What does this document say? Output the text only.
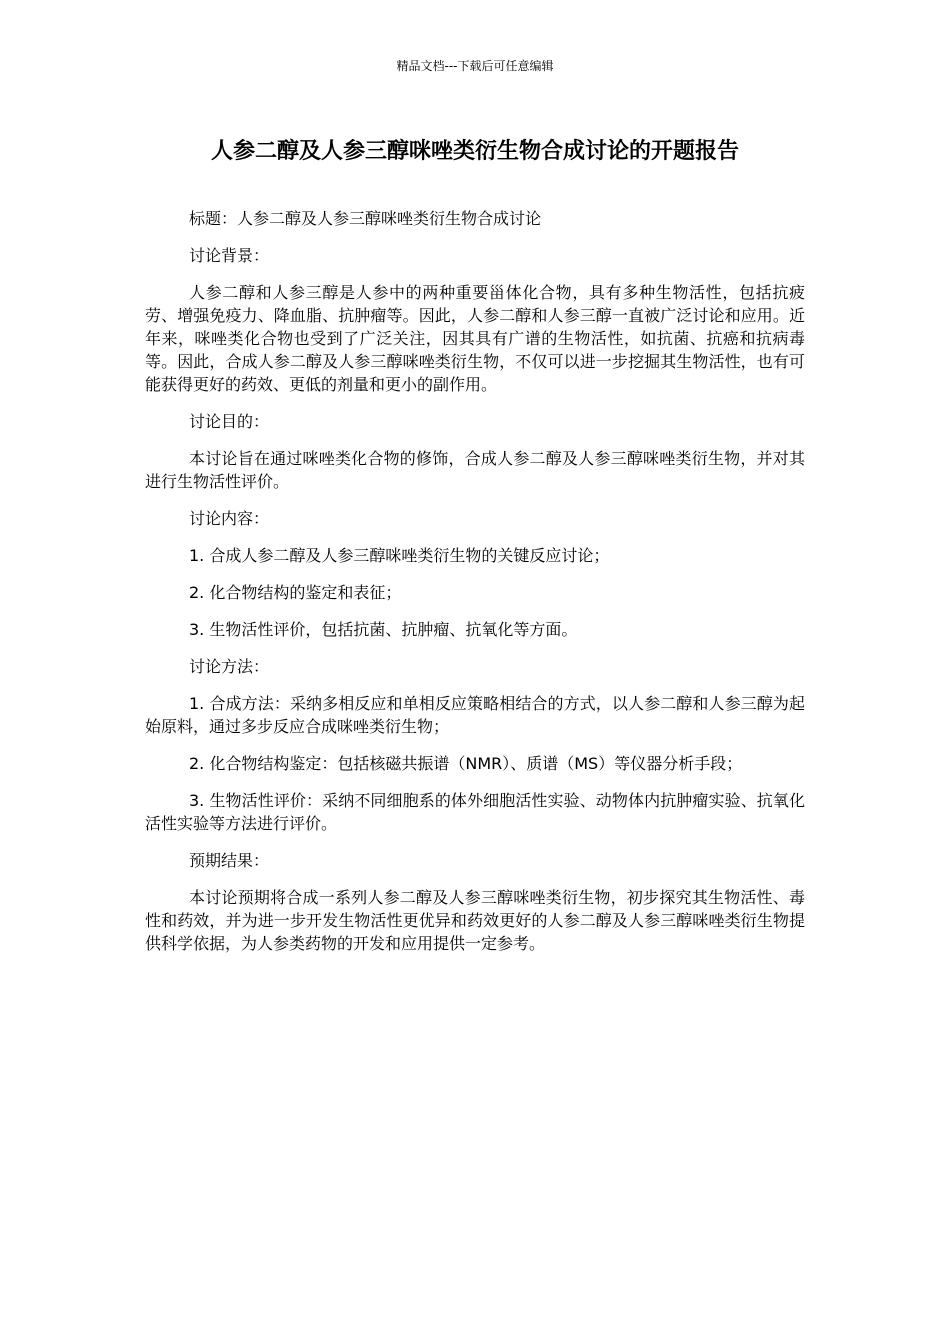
精品文档---下载后可任意编辑
人参二醇及人参三醇咪唑类衍生物合成讨论的开题报告

标题：人参二醇及人参三醇咪唑类衍生物合成讨论

讨论背景：

人参二醇和人参三醇是人参中的两种重要甾体化合物，具有多种生物活性，包括抗疲劳、增强免疫力、降血脂、抗肿瘤等。因此，人参二醇和人参三醇一直被广泛讨论和应用。近年来，咪唑类化合物也受到了广泛关注，因其具有广谱的生物活性，如抗菌、抗癌和抗病毒等。因此，合成人参二醇及人参三醇咪唑类衍生物，不仅可以进一步挖掘其生物活性，也有可能获得更好的药效、更低的剂量和更小的副作用。

讨论目的：

本讨论旨在通过咪唑类化合物的修饰，合成人参二醇及人参三醇咪唑类衍生物，并对其进行生物活性评价。

讨论内容：

1. 合成人参二醇及人参三醇咪唑类衍生物的关键反应讨论；

2. 化合物结构的鉴定和表征；

3. 生物活性评价，包括抗菌、抗肿瘤、抗氧化等方面。

讨论方法：

1. 合成方法：采纳多相反应和单相反应策略相结合的方式，以人参二醇和人参三醇为起始原料，通过多步反应合成咪唑类衍生物；

2. 化合物结构鉴定：包括核磁共振谱（NMR）、质谱（MS）等仪器分析手段；

3. 生物活性评价：采纳不同细胞系的体外细胞活性实验、动物体内抗肿瘤实验、抗氧化活性实验等方法进行评价。

预期结果：

本讨论预期将合成一系列人参二醇及人参三醇咪唑类衍生物，初步探究其生物活性、毒性和药效，并为进一步开发生物活性更优异和药效更好的人参二醇及人参三醇咪唑类衍生物提供科学依据，为人参类药物的开发和应用提供一定参考。
